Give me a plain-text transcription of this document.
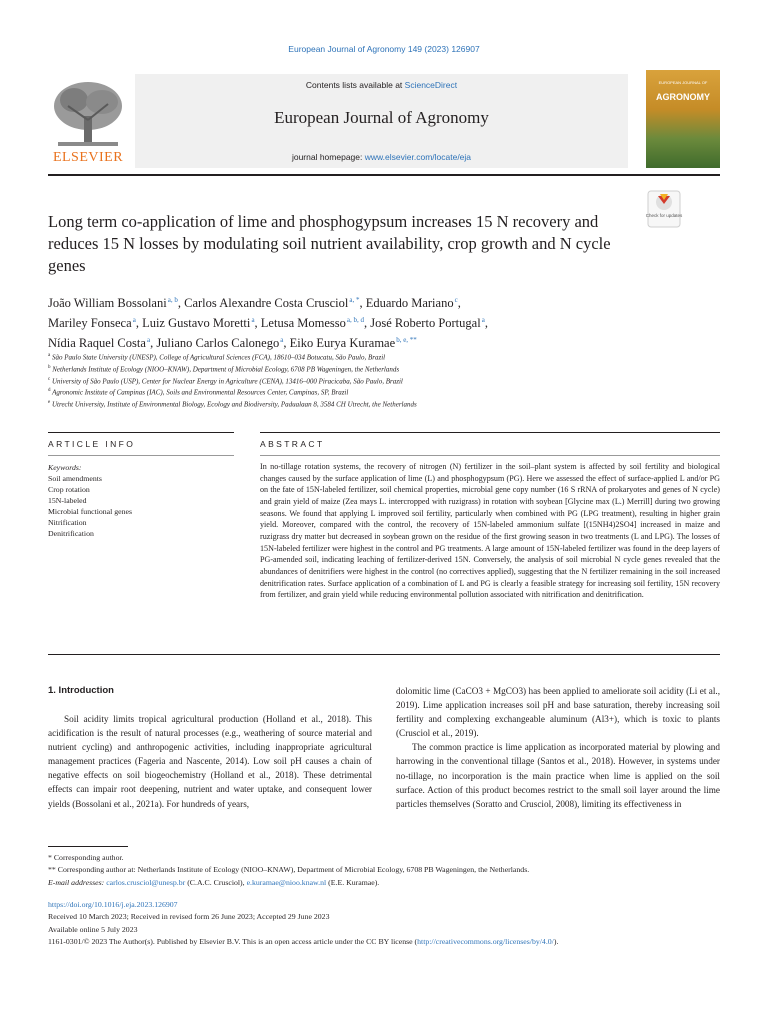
European Journal of Agronomy 149 (2023) 126907
Contents lists available at ScienceDirect
European Journal of Agronomy
journal homepage: www.elsevier.com/locate/eja
ELSEVIER
EUROPEAN JOURNAL OF
AGRONOMY
Check for updates
Long term co-application of lime and phosphogypsum increases 15 N recovery and reduces 15 N losses by modulating soil nutrient availability, crop growth and N cycle genes
João William Bossolani $^{a, b}$, Carlos Alexandre Costa Crusciol $^{a, *}$, Eduardo Mariano $^c$,
Mariley Fonseca $^a$, Luiz Gustavo Moretti $^a$, Letusa Momesso $^{a, b, d}$, José Roberto Portugal $^a$,
Nídia Raquel Costa $^a$, Juliano Carlos Calonego $^a$, Eiko Eurya Kuramae $^{b, e, **}$
$^a$ São Paulo State University (UNESP), College of Agricultural Sciences (FCA), 18610–034 Botucatu, São Paulo, Brazil
$^b$ Netherlands Institute of Ecology (NIOO–KNAW), Department of Microbial Ecology, 6708 PB Wageningen, the Netherlands
$^c$ University of São Paulo (USP), Center for Nuclear Energy in Agriculture (CENA), 13416–000 Piracicaba, São Paulo, Brazil
$^d$ Agronomic Institute of Campinas (IAC), Soils and Environmental Resources Center, Campinas, SP, Brazil
$^e$ Utrecht University, Institute of Environmental Biology, Ecology and Biodiversity, Padualaan 8, 3584 CH Utrecht, the Netherlands
ARTICLE INFO	ABSTRACT
Keywords:
Soil amendments
Crop rotation
15N-labeled
Microbial functional genes
Nitrification
Denitrification
In no-tillage rotation systems, the recovery of nitrogen (N) fertilizer in the soil–plant system is affected by soil fertility and biological changes caused by the surface application of lime (L) and phosphogypsum (PG). Here we assessed the effect of surface-applied L and/or PG on the fate of 15N-labeled fertilizer, soil chemical properties, microbial gene copy number (16 S rRNA of prokaryotes and genes of N cycle) and grain yield of maize (Zea mays L. intercropped with ruzigrass) in rotation with soybean [Glycine max (L.) Merrill] during two growing seasons. We found that applying L improved soil fertility, particularly when combined with PG (LPG treatment), resulting in higher grain yield. Moreover, compared with the control, the recovery of 15N-labeled ammonium sulfate [(15NH4)2SO4] increased in maize and ruzigrass dry matter but decreased in soybean grown on the residue of the first growing season in two treatments (L and LPG). The losses of 15N-labeled fertilizer were highest in the control and PG treatments. A large amount of 15N-labeled fertilizer was found in the deep layers of PG-amended soil, indicating leaching of fertilizer-derived 15N. Conversely, the analysis of soil microbial N cycle genes revealed that the abundances of denitrifiers were highest in the control (no correctives applied), suggesting that the N fertilizer remaining in the soil increased denitrification rates. Surface application of a combination of L and PG is clearly a feasible strategy for increasing soil fertility, 15N recovery from fertilizer, and grain yield while reducing environmental pollution associated with nitrification and denitrification.
1. Introduction

Soil acidity limits tropical agricultural production (Holland et al., 2018). This acidification is the result of natural processes (e.g., weathering of source material and nutrient cycling) and anthropogenic activities, including inappropriate agricultural management practices (Fageria and Nascente, 2014). Low soil pH causes a chain of negative effects on soil biogeochemistry (Holland et al., 2018). These detrimental effects can impair root deepening, nutrient and water uptake, and consequent lower yields (Bossolani et al., 2021a). For hundreds of years,

dolomitic lime (CaCO3 + MgCO3) has been applied to ameliorate soil acidity (Li et al., 2019). Lime application increases soil pH and base saturation, thereby increasing soil fertility and complexing exchangeable aluminum (Al3+), which is toxic to plants (Crusciol et al., 2019).

The common practice is lime application as incorporated material by plowing and harrowing in the conventional tillage (Santos et al., 2018). However, in systems under no-tillage, no incorporation is the main practice when lime is applied on the soil surface. Action of this product becomes restrict to the small soil layer around the lime particles themselves (Soratto and Crusciol, 2008), limiting its effectiveness in

* Corresponding author.
** Corresponding author at: Netherlands Institute of Ecology (NIOO–KNAW), Department of Microbial Ecology, 6708 PB Wageningen, the Netherlands.
E-mail addresses: carlos.crusciol@unesp.br (C.A.C. Crusciol), e.kuramae@nioo.knaw.nl (E.E. Kuramae).
https://doi.org/10.1016/j.eja.2023.126907
Received 10 March 2023; Received in revised form 26 June 2023; Accepted 29 June 2023
Available online 5 July 2023
1161-0301/© 2023 The Author(s). Published by Elsevier B.V. This is an open access article under the CC BY license (http://creativecommons.org/licenses/by/4.0/).
